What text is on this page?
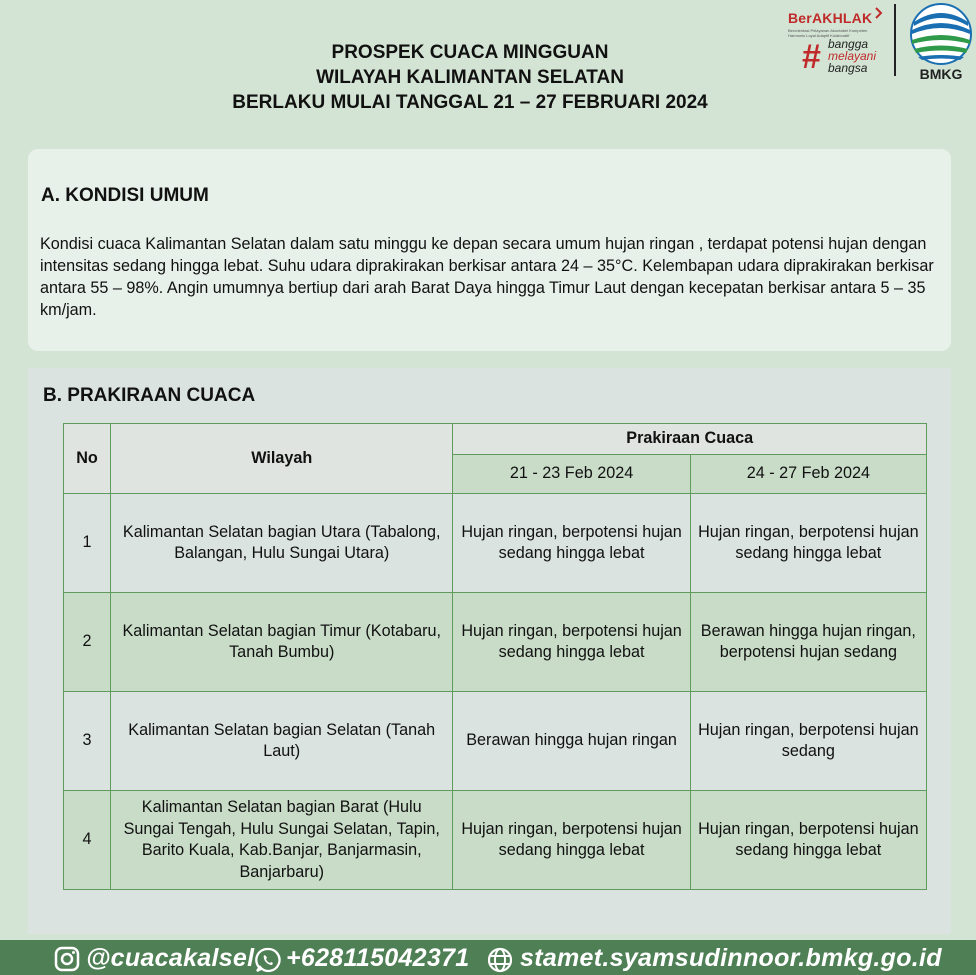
PROSPEK CUACA MINGGUAN
WILAYAH KALIMANTAN SELATAN
BERLAKU MULAI TANGGAL 21 – 27 FEBRUARI 2024
BerAKHLAK
Berorientasi Pelayanan Akuntabel Kompeten Harmonis Loyal Adaptif Kolaboratif
# bangga
melayani
bangsa	BMKG
A. KONDISI UMUM
Kondisi cuaca Kalimantan Selatan dalam satu minggu ke depan secara umum hujan ringan , terdapat potensi hujan dengan intensitas sedang hingga lebat. Suhu udara diprakirakan berkisar antara 24 – 35°C. Kelembapan udara diprakirakan berkisar antara 55 – 98%. Angin umumnya bertiup dari arah Barat Daya hingga Timur Laut dengan kecepatan berkisar antara 5 – 35 km/jam.
B. PRAKIRAAN CUACA
No	Wilayah	Prakiraan Cuaca	
		21 - 23 Feb 2024	24 - 27 Feb 2024
1	Kalimantan Selatan bagian Utara (Tabalong, Balangan, Hulu Sungai Utara)	Hujan ringan, berpotensi hujan sedang hingga lebat	Hujan ringan, berpotensi hujan sedang hingga lebat
2	Kalimantan Selatan bagian Timur (Kotabaru, Tanah Bumbu)	Hujan ringan, berpotensi hujan sedang hingga lebat	Berawan hingga hujan ringan, berpotensi hujan sedang
3	Kalimantan Selatan bagian Selatan (Tanah Laut)	Berawan hingga hujan ringan	Hujan ringan, berpotensi hujan sedang
4	Kalimantan Selatan bagian Barat (Hulu Sungai Tengah, Hulu Sungai Selatan, Tapin, Barito Kuala, Kab.Banjar, Banjarmasin, Banjarbaru)	Hujan ringan, berpotensi hujan sedang hingga lebat	Hujan ringan, berpotensi hujan sedang hingga lebat
@cuacakalsel +628115042371 stamet.syamsudinnoor.bmkg.go.id
